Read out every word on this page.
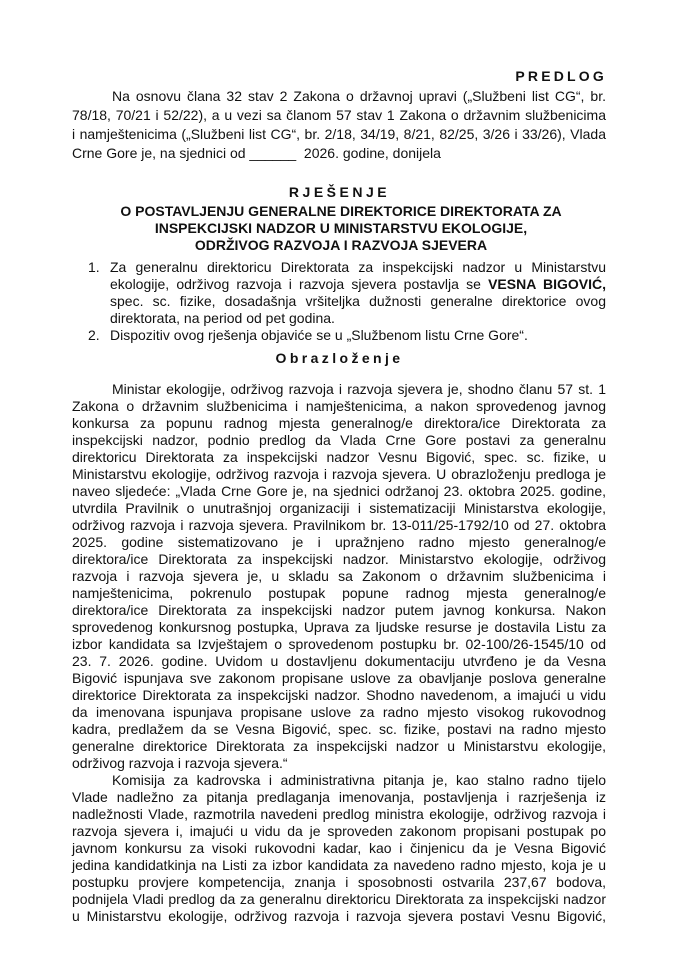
PREDLOG
Na osnovu člana 32 stav 2 Zakona o državnoj upravi („Službeni list CG“, br.
78/18, 70/21 i 52/22), a u vezi sa članom 57 stav 1 Zakona o državnim službenicima
i namještenicima („Službeni list CG“, br. 2/18, 34/19, 8/21, 82/25, 3/26 i 33/26), Vlada
Crne Gore je, na sjednici od ______  2026. godine, donijela
RJEŠENJE
O POSTAVLJENJU GENERALNE DIREKTORICE DIREKTORATA ZA
INSPEKCIJSKI NADZOR U MINISTARSTVU EKOLOGIJE,
ODRŽIVOG RAZVOJA I RAZVOJA SJEVERA
1. Za generalnu direktoricu Direktorata za inspekcijski nadzor u Ministarstvu
ekologije, održivog razvoja i razvoja sjevera postavlja se VESNA BIGOVIĆ,
spec. sc. fizike, dosadašnja vršiteljka dužnosti generalne direktorice ovog
direktorata, na period od pet godina.
2. Dispozitiv ovog rješenja objaviće se u „Službenom listu Crne Gore“.
Obrazloženje
Ministar ekologije, održivog razvoja i razvoja sjevera je, shodno članu 57 st. 1
Zakona o državnim službenicima i namještenicima, a nakon sprovedenog javnog
konkursa za popunu radnog mjesta generalnog/e direktora/ice Direktorata za
inspekcijski nadzor, podnio predlog da Vlada Crne Gore postavi za generalnu
direktoricu Direktorata za inspekcijski nadzor Vesnu Bigović, spec. sc. fizike, u
Ministarstvu ekologije, održivog razvoja i razvoja sjevera. U obrazloženju predloga je
naveo sljedeće: „Vlada Crne Gore je, na sjednici održanoj 23. oktobra 2025. godine,
utvrdila Pravilnik o unutrašnjoj organizaciji i sistematizaciji Ministarstva ekologije,
održivog razvoja i razvoja sjevera. Pravilnikom br. 13-011/25-1792/10 od 27. oktobra
2025. godine sistematizovano je i upražnjeno radno mjesto generalnog/e
direktora/ice Direktorata za inspekcijski nadzor. Ministarstvo ekologije, održivog
razvoja i razvoja sjevera je, u skladu sa Zakonom o državnim službenicima i
namještenicima, pokrenulo postupak popune radnog mjesta generalnog/e
direktora/ice Direktorata za inspekcijski nadzor putem javnog konkursa. Nakon
sprovedenog konkursnog postupka, Uprava za ljudske resurse je dostavila Listu za
izbor kandidata sa Izvještajem o sprovedenom postupku br. 02-100/26-1545/10 od
23. 7. 2026. godine. Uvidom u dostavljenu dokumentaciju utvrđeno je da Vesna
Bigović ispunjava sve zakonom propisane uslove za obavljanje poslova generalne
direktorice Direktorata za inspekcijski nadzor. Shodno navedenom, a imajući u vidu
da imenovana ispunjava propisane uslove za radno mjesto visokog rukovodnog
kadra, predlažem da se Vesna Bigović, spec. sc. fizike, postavi na radno mjesto
generalne direktorice Direktorata za inspekcijski nadzor u Ministarstvu ekologije,
održivog razvoja i razvoja sjevera.“
Komisija za kadrovska i administrativna pitanja je, kao stalno radno tijelo
Vlade nadležno za pitanja predlaganja imenovanja, postavljenja i razrješenja iz
nadležnosti Vlade, razmotrila navedeni predlog ministra ekologije, održivog razvoja i
razvoja sjevera i, imajući u vidu da je sproveden zakonom propisani postupak po
javnom konkursu za visoki rukovodni kadar, kao i činjenicu da je Vesna Bigović
jedina kandidatkinja na Listi za izbor kandidata za navedeno radno mjesto, koja je u
postupku provjere kompetencija, znanja i sposobnosti ostvarila 237,67 bodova,
podnijela Vladi predlog da za generalnu direktoricu Direktorata za inspekcijski nadzor
u Ministarstvu ekologije, održivog razvoja i razvoja sjevera postavi Vesnu Bigović,
